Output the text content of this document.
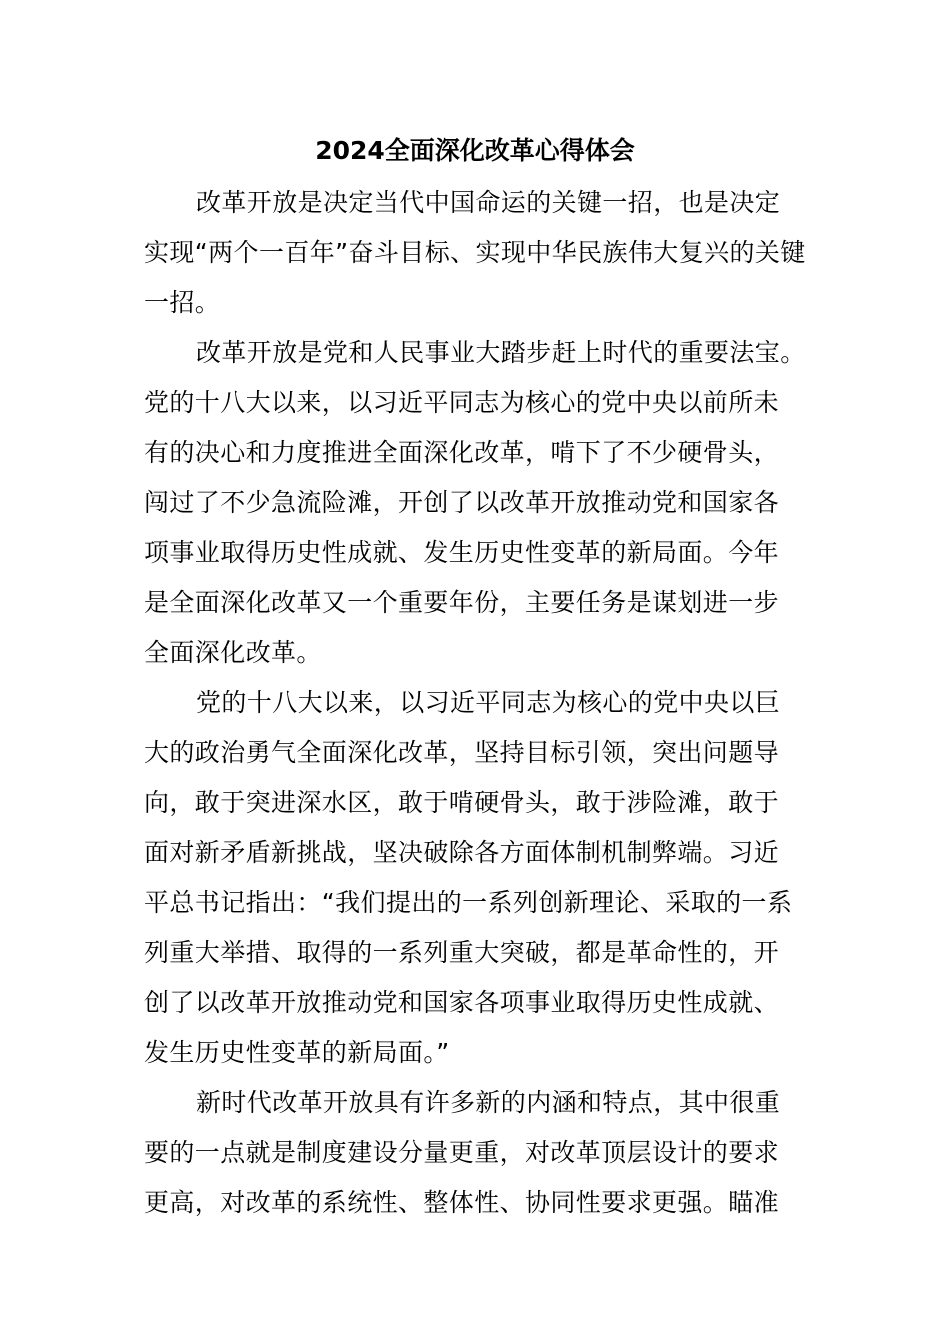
2024全面深化改革心得体会

改革开放是决定当代中国命运的关键一招，也是决定
实现“两个一百年”奋斗目标、实现中华民族伟大复兴的关键
一招。

改革开放是党和人民事业大踏步赶上时代的重要法宝。
党的十八大以来，以习近平同志为核心的党中央以前所未
有的决心和力度推进全面深化改革，啃下了不少硬骨头，
闯过了不少急流险滩，开创了以改革开放推动党和国家各
项事业取得历史性成就、发生历史性变革的新局面。今年
是全面深化改革又一个重要年份，主要任务是谋划进一步
全面深化改革。

党的十八大以来，以习近平同志为核心的党中央以巨
大的政治勇气全面深化改革，坚持目标引领，突出问题导
向，敢于突进深水区，敢于啃硬骨头，敢于涉险滩，敢于
面对新矛盾新挑战，坚决破除各方面体制机制弊端。习近
平总书记指出：“我们提出的一系列创新理论、采取的一系
列重大举措、取得的一系列重大突破，都是革命性的，开
创了以改革开放推动党和国家各项事业取得历史性成就、
发生历史性变革的新局面。”

新时代改革开放具有许多新的内涵和特点，其中很重
要的一点就是制度建设分量更重，对改革顶层设计的要求
更高，对改革的系统性、整体性、协同性要求更强。瞄准
